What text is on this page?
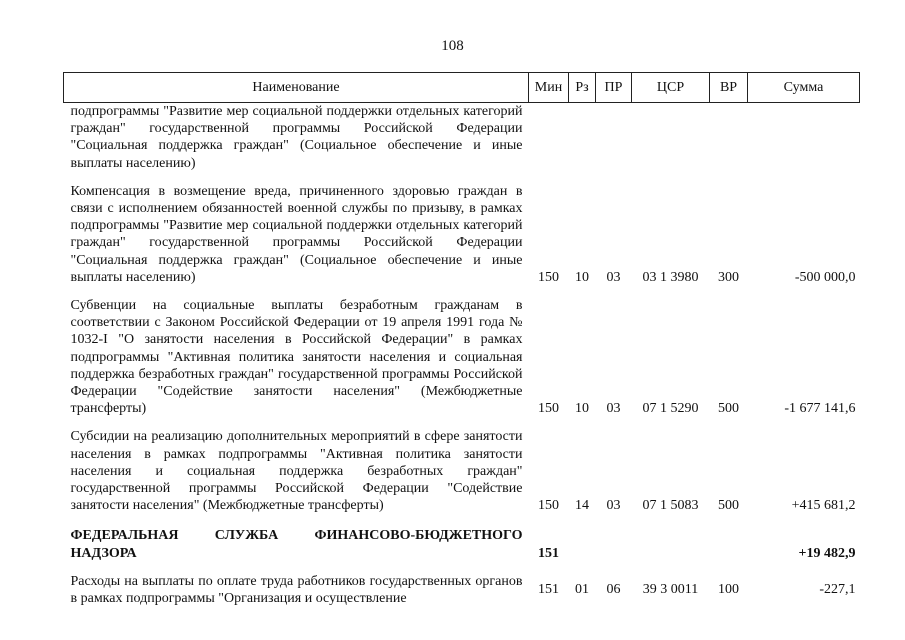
108
Наименование	Мин	Рз	ПР	ЦСР	ВР	Сумма
подпрограммы "Развитие мер социальной поддержки отдельных категорий граждан" государственной программы Российской Федерации "Социальная поддержка граждан" (Социальное обеспечение и иные выплаты населению)						
Компенсация в возмещение вреда, причиненного здоровью граждан в связи с исполнением обязанностей военной службы по призыву, в рамках подпрограммы "Развитие мер социальной поддержки отдельных категорий граждан" государственной программы Российской Федерации "Социальная поддержка граждан" (Социальное обеспечение и иные выплаты населению)	150	10	03	03 1 3980	300	-500 000,0
Субвенции на социальные выплаты безработным гражданам в соответствии с Законом Российской Федерации от 19 апреля 1991 года № 1032-I "О занятости населения в Российской Федерации" в рамках подпрограммы "Активная политика занятости населения и социальная поддержка безработных граждан" государственной программы Российской Федерации "Содействие занятости населения" (Межбюджетные трансферты)	150	10	03	07 1 5290	500	-1 677 141,6
Субсидии на реализацию дополнительных мероприятий в сфере занятости населения в рамках подпрограммы "Активная политика занятости населения и социальная поддержка безработных граждан" государственной программы Российской Федерации "Содействие занятости населения" (Межбюджетные трансферты)	150	14	03	07 1 5083	500	+415 681,2
ФЕДЕРАЛЬНАЯ СЛУЖБА ФИНАНСОВО-БЮДЖЕТНОГО НАДЗОРА	151					+19 482,9
Расходы на выплаты по оплате труда работников государственных органов в рамках подпрограммы "Организация и осуществление	151	01	06	39 3 0011	100	-227,1
